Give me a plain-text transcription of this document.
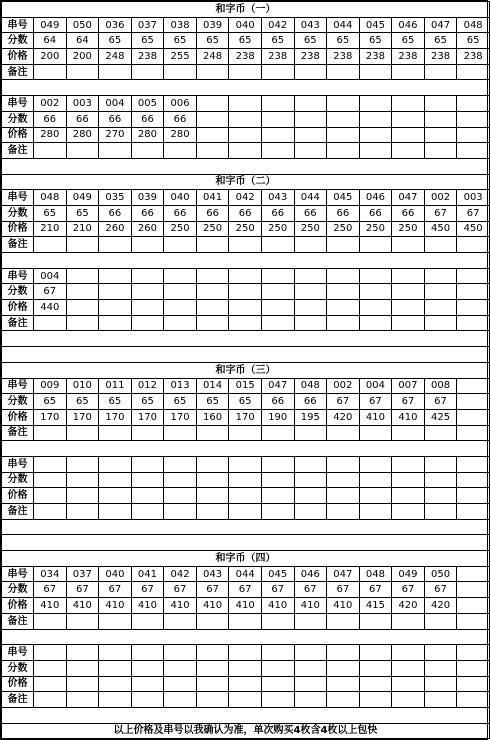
和字币（一）														
串号	049	050	036	037	038	039	040	042	043	044	045	046	047	048
分数	64	64	65	65	65	65	65	65	65	65	65	65	65	65
价格	200	200	248	238	255	248	238	238	238	238	238	238	238	238
备注														

串号	002	003	004	005	006									
分数	66	66	66	66	66									
价格	280	280	270	280	280									
备注														

和字币（二）														
串号	048	049	035	039	040	041	042	043	044	045	046	047	002	003
分数	65	65	66	66	66	66	66	66	66	66	66	66	67	67
价格	210	210	260	260	250	250	250	250	250	250	250	250	450	450
备注														

串号	004													
分数	67													
价格	440													
备注														

和字币（三）														
串号	009	010	011	012	013	014	015	047	048	002	004	007	008	
分数	65	65	65	65	65	65	65	66	66	67	67	67	67	
价格	170	170	170	170	170	160	170	190	195	420	410	410	425	
备注														

串号														
分数														
价格														
备注														

和字币（四）														
串号	034	037	040	041	042	043	044	045	046	047	048	049	050	
分数	67	67	67	67	67	67	67	67	67	67	67	67	67	
价格	410	410	410	410	410	410	410	410	410	410	415	420	420	
备注														

串号														
分数														
价格														
备注														

以上价格及串号以我确认为准，单次购买4枚含4枚以上包快														
